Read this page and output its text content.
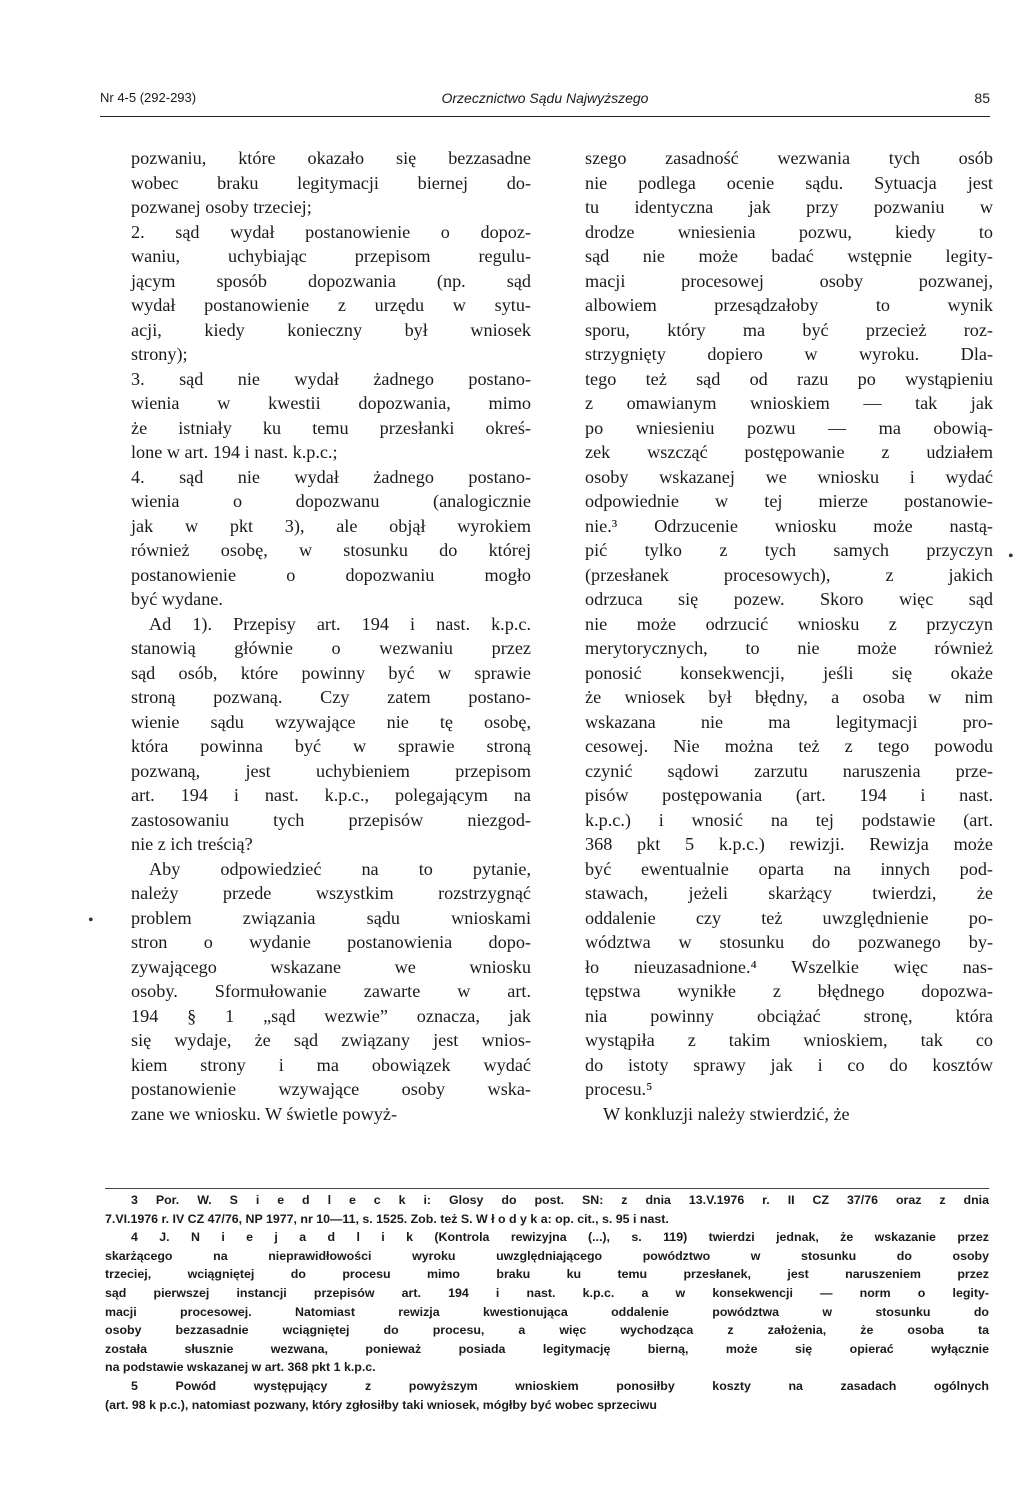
Nr 4-5 (292-293)	Orzecznictwo Sądu Najwyższego	85
pozwaniu, które okazało się bezzasadne
wobec braku legitymacji biernej do-
pozwanej osoby trzeciej;
2. sąd wydał postanowienie o dopoz-
waniu, uchybiając przepisom regulu-
jącym sposób dopozwania (np. sąd
wydał postanowienie z urzędu w sytu-
acji, kiedy konieczny był wniosek
strony);
3. sąd nie wydał żadnego postano-
wienia w kwestii dopozwania, mimo
że istniały ku temu przesłanki okreś-
lone w art. 194 i nast. k.p.c.;
4. sąd nie wydał żadnego postano-
wienia o dopozwanu (analogicznie
jak w pkt 3), ale objął wyrokiem
również osobę, w stosunku do której
postanowienie o dopozwaniu mogło
być wydane.
Ad 1). Przepisy art. 194 i nast. k.p.c.
stanowią głównie o wezwaniu przez
sąd osób, które powinny być w sprawie
stroną pozwaną. Czy zatem postano-
wienie sądu wzywające nie tę osobę,
która powinna być w sprawie stroną
pozwaną, jest uchybieniem przepisom
art. 194 i nast. k.p.c., polegającym na
zastosowaniu tych przepisów niezgod-
nie z ich treścią?
Aby odpowiedzieć na to pytanie,
należy przede wszystkim rozstrzygnąć
problem związania sądu wnioskami
stron o wydanie postanowienia dopo-
zywającego wskazane we wniosku
osoby. Sformułowanie zawarte w art.
194 § 1 „sąd wezwie” oznacza, jak
się wydaje, że sąd związany jest wnios-
kiem strony i ma obowiązek wydać
postanowienie wzywające osoby wska-
zane we wniosku. W świetle powyż-
szego zasadność wezwania tych osób
nie podlega ocenie sądu. Sytuacja jest
tu identyczna jak przy pozwaniu w
drodze wniesienia pozwu, kiedy to
sąd nie może badać wstępnie legity-
macji procesowej osoby pozwanej,
albowiem przesądzałoby to wynik
sporu, który ma być przecież roz-
strzygnięty dopiero w wyroku. Dla-
tego też sąd od razu po wystąpieniu
z omawianym wnioskiem — tak jak
po wniesieniu pozwu — ma obowią-
zek wszcząć postępowanie z udziałem
osoby wskazanej we wniosku i wydać
odpowiednie w tej mierze postanowie-
nie.³ Odrzucenie wniosku może nastą-
pić tylko z tych samych przyczyn
(przesłanek procesowych), z jakich
odrzuca się pozew. Skoro więc sąd
nie może odrzucić wniosku z przyczyn
merytorycznych, to nie może również
ponosić konsekwencji, jeśli się okaże
że wniosek był błędny, a osoba w nim
wskazana nie ma legitymacji pro-
cesowej. Nie można też z tego powodu
czynić sądowi zarzutu naruszenia prze-
pisów postępowania (art. 194 i nast.
k.p.c.) i wnosić na tej podstawie (art.
368 pkt 5 k.p.c.) rewizji. Rewizja może
być ewentualnie oparta na innych pod-
stawach, jeżeli skarżący twierdzi, że
oddalenie czy też uwzględnienie po-
wództwa w stosunku do pozwanego by-
ło nieuzasadnione.⁴ Wszelkie więc nas-
tępstwa wynikłe z błędnego dopozwa-
nia powinny obciążać stronę, która
wystąpiła z takim wnioskiem, tak co
do istoty sprawy jak i co do kosztów
procesu.⁵
W konkluzji należy stwierdzić, że
3 Por. W. S i e d l e c k i: Glosy do post. SN: z dnia 13.V.1976 r. II CZ 37/76 oraz z dnia
7.VI.1976 r. IV CZ 47/76, NP 1977, nr 10—11, s. 1525. Zob. też S. W ł o d y k a: op. cit., s. 95 i nast.
4 J. N i e j a d l i k (Kontrola rewizyjna (...), s. 119) twierdzi jednak, że wskazanie przez
skarżącego na nieprawidłowości wyroku uwzględniającego powództwo w stosunku do osoby
trzeciej, wciągniętej do procesu mimo braku ku temu przesłanek, jest naruszeniem przez
sąd pierwszej instancji przepisów art. 194 i nast. k.p.c. a w konsekwencji — norm o legity-
macji procesowej. Natomiast rewizja kwestionująca oddalenie powództwa w stosunku do
osoby bezzasadnie wciągniętej do procesu, a więc wychodząca z założenia, że osoba ta
została słusznie wezwana, ponieważ posiada legitymację bierną, może się opierać wyłącznie
na podstawie wskazanej w art. 368 pkt 1 k.p.c.
5 Powód występujący z powyższym wnioskiem ponosiłby koszty na zasadach ogólnych
(art. 98 k p.c.), natomiast pozwany, który zgłosiłby taki wniosek, mógłby być wobec sprzeciwu
•
•
